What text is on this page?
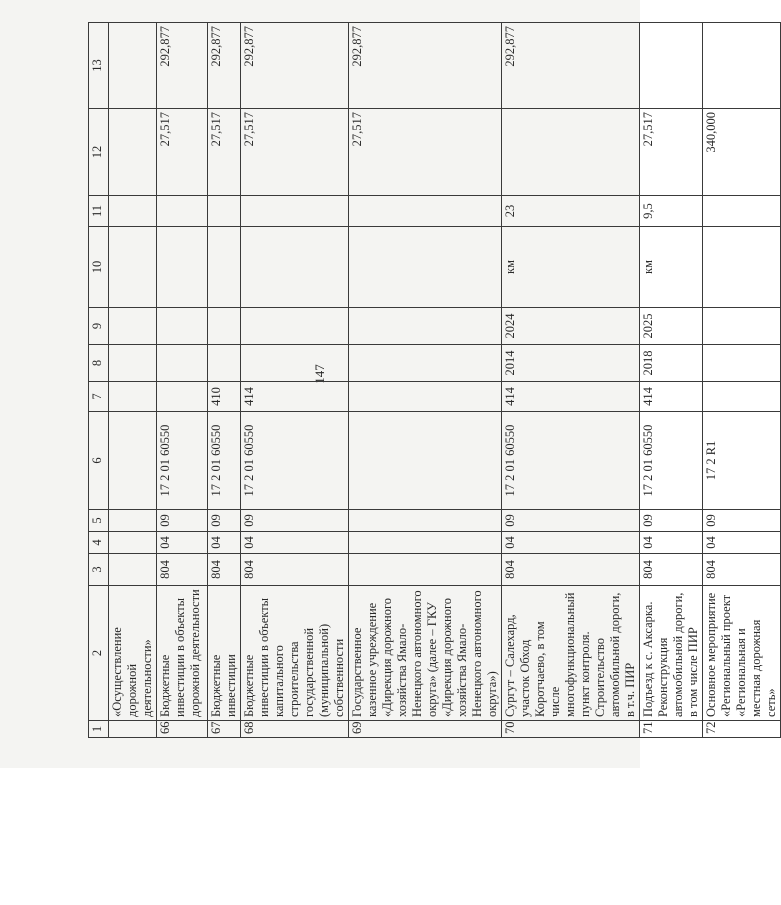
147
1	2	3	4	5	6	7	8	9	10	11	12	13
	«Осуществление дорожной деятельности»											
66	Бюджетные инвестиции в объекты дорожной деятельности	804	04	09	17 2 01 60550						27,517	292,877
67	Бюджетные инвестиции	804	04	09	17 2 01 60550	410					27,517	292,877
68	Бюджетные инвестиции в объекты капитального строительства государственной (муниципальной) собственности	804	04	09	17 2 01 60550	414					27,517	292,877
69	Государственное казенное учреждение «Дирекция дорожного хозяйства Ямало-Ненецкого автономного округа» (далее – ГКУ «Дирекция дорожного хозяйства Ямало-Ненецкого автономного округа»)										27,517	292,877
70	Сургут – Салехард, участок Обход Коротчаево, в том числе многофункциональный пункт контроля. Строительство автомобильной дороги, в т.ч. ПИР	804	04	09	17 2 01 60550	414	2014	2024	км	23		292,877
71	Подъезд к с. Аксарка. Реконструкция автомобильной дороги, в том числе ПИР	804	04	09	17 2 01 60550	414	2018	2025	км	9,5	27,517	
72	Основное мероприятие «Региональный проект «Региональная и местная дорожная сеть»	804	04	09	17 2 R1						340,000	
